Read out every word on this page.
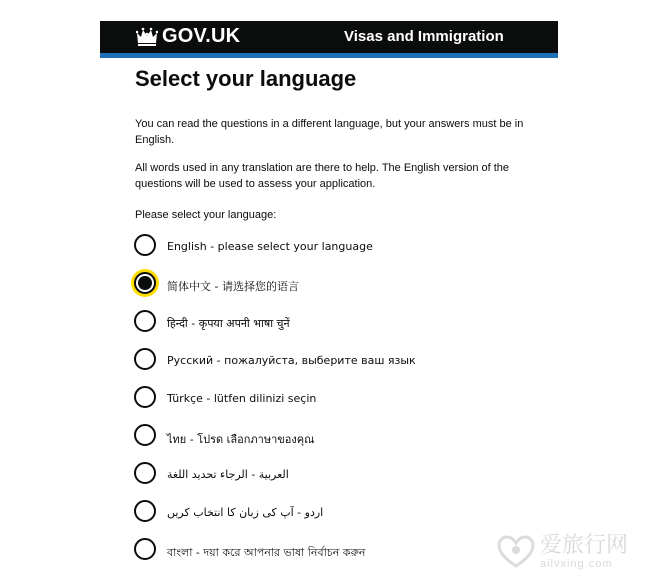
GOV.UK	Visas and Immigration
Select your language

You can read the questions in a different language, but your answers must be in English.

All words used in any translation are there to help. The English version of the questions will be used to assess your application.

Please select your language:

English - please select your language
简体中文 - 请选择您的语言
हिन्दी - कृपया अपनी भाषा चुनें
Русский - пожалуйста, выберите ваш язык
Türkçe - lütfen dilinizi seçin
ไทย - โปรด เลือกภาษาของคุณ
العربية - الرجاء تحديد اللغة
اردو - آپ کی زبان کا انتخاب کریں
বাংলা - দয়া করে আপনার ভাষা নির্বাচন করুন	爱旅行网
ailvxing.com
